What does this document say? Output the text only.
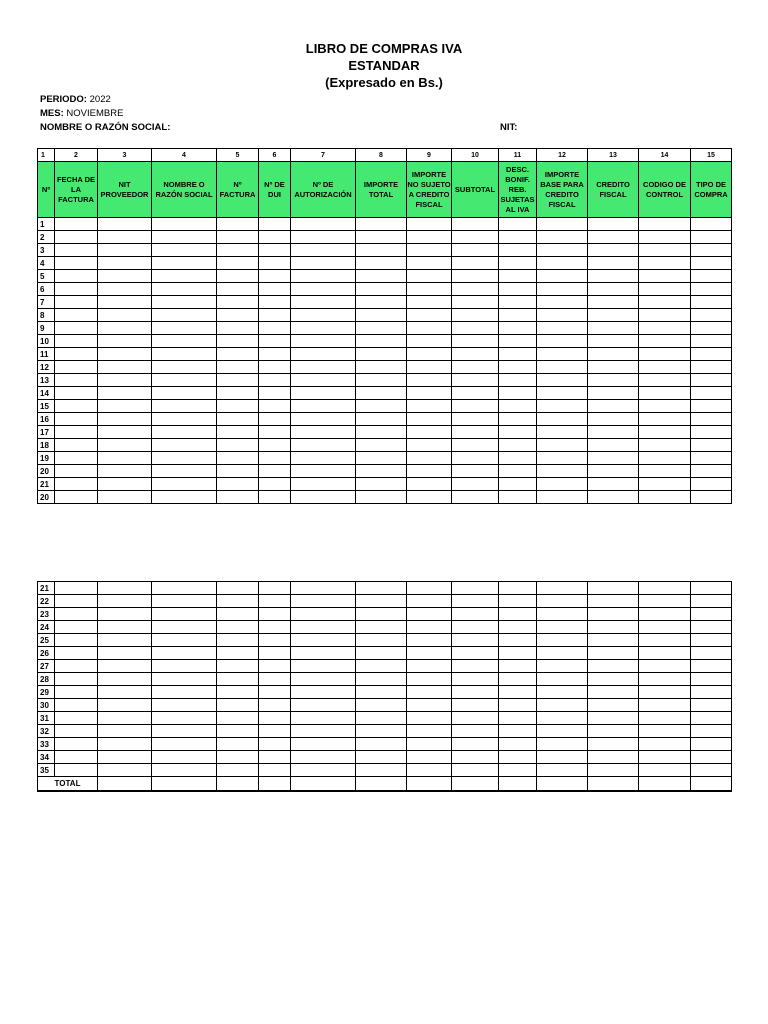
LIBRO DE COMPRAS IVA
ESTANDAR
(Expresado en Bs.)
PERIODO: 2022
MES: NOVIEMBRE
NOMBRE O RAZÓN SOCIAL:	NIT:
1	2	3	4	5	6	7	8	9	10	11	12	13	14	15
Nº	FECHA DE LA FACTURA	NIT PROVEEDOR	NOMBRE O RAZÓN SOCIAL	Nº FACTURA	Nº DE DUI	Nº DE AUTORIZACIÓN	IMPORTE TOTAL	IMPORTE NO SUJETO A CREDITO FISCAL	SUBTOTAL	DESC. BONIF. REB. SUJETAS AL IVA	IMPORTE BASE PARA CREDITO FISCAL	CREDITO FISCAL	CODIGO DE CONTROL	TIPO DE COMPRA
1														
2														
3														
4														
5														
6														
7														
8														
9														
10														
11														
12														
13														
14														
15														
16														
17														
18														
19														
20														
21														
20														
21														
22														
23														
24														
25														
26														
27														
28														
29														
30														
31														
32														
33														
34														
35														
TOTAL														
